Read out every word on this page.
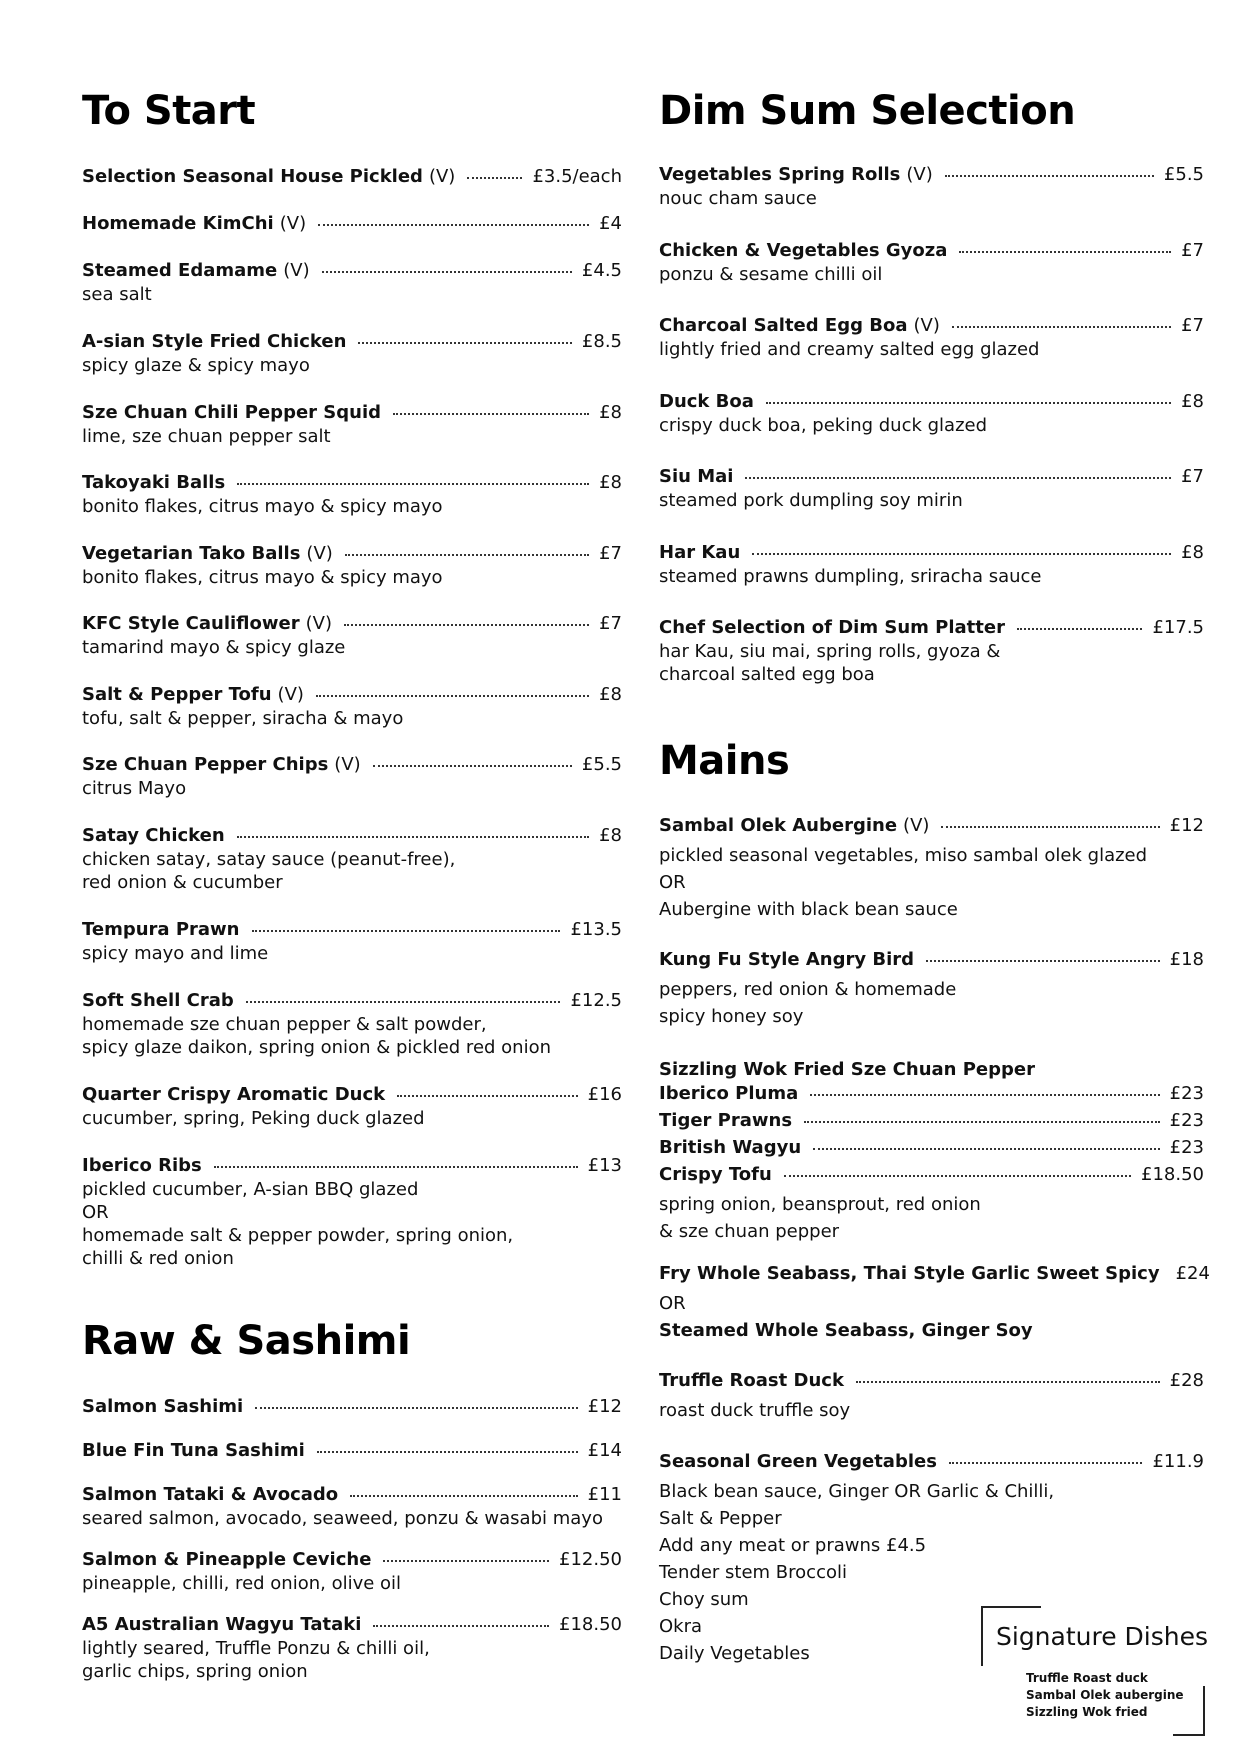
To Start
Selection Seasonal House Pickled (V)	£3.5/each
Homemade KimChi (V)	£4
Steamed Edamame (V)	£4.5
sea salt
A-sian Style Fried Chicken	£8.5
spicy glaze & spicy mayo
Sze Chuan Chili Pepper Squid	£8
lime, sze chuan pepper salt
Takoyaki Balls	£8
bonito flakes, citrus mayo & spicy mayo
Vegetarian Tako Balls (V)	£7
bonito flakes, citrus mayo & spicy mayo
KFC Style Cauliflower (V)	£7
tamarind mayo & spicy glaze
Salt & Pepper Tofu (V)	£8
tofu, salt & pepper, siracha & mayo
Sze Chuan Pepper Chips (V)	£5.5
citrus Mayo
Satay Chicken	£8
chicken satay, satay sauce (peanut-free),
red onion & cucumber
Tempura Prawn	£13.5
spicy mayo and lime
Soft Shell Crab	£12.5
homemade sze chuan pepper & salt powder,
spicy glaze daikon, spring onion & pickled red onion
Quarter Crispy Aromatic Duck	£16
cucumber, spring, Peking duck glazed
Iberico Ribs	£13
pickled cucumber, A-sian BBQ glazed
OR
homemade salt & pepper powder, spring onion,
chilli & red onion
Raw & Sashimi
Salmon Sashimi	£12
Blue Fin Tuna Sashimi	£14
Salmon Tataki & Avocado	£11
seared salmon, avocado, seaweed, ponzu & wasabi mayo
Salmon & Pineapple Ceviche	£12.50
pineapple, chilli, red onion, olive oil
A5 Australian Wagyu Tataki	£18.50
lightly seared, Truffle Ponzu & chilli oil,
garlic chips, spring onion
Dim Sum Selection
Vegetables Spring Rolls (V)	£5.5
nouc cham sauce
Chicken & Vegetables Gyoza	£7
ponzu & sesame chilli oil
Charcoal Salted Egg Boa (V)	£7
lightly fried and creamy salted egg glazed
Duck Boa	£8
crispy duck boa, peking duck glazed
Siu Mai	£7
steamed pork dumpling soy mirin
Har Kau	£8
steamed prawns dumpling, sriracha sauce
Chef Selection of Dim Sum Platter	£17.5
har Kau, siu mai, spring rolls, gyoza &
charcoal salted egg boa
Mains
Sambal Olek Aubergine (V)	£12
pickled seasonal vegetables, miso sambal olek glazed
OR
Aubergine with black bean sauce
Kung Fu Style Angry Bird	£18
peppers, red onion & homemade
spicy honey soy
Sizzling Wok Fried Sze Chuan Pepper
Iberico Pluma	£23
Tiger Prawns	£23
British Wagyu	£23
Crispy Tofu	£18.50
spring onion, beansprout, red onion
& sze chuan pepper
Fry Whole Seabass, Thai Style Garlic Sweet Spicy £24
OR
Steamed Whole Seabass, Ginger Soy
Truffle Roast Duck	£28
roast duck truffle soy
Seasonal Green Vegetables	£11.9
Black bean sauce, Ginger OR Garlic & Chilli,
Salt & Pepper
Add any meat or prawns £4.5
Tender stem Broccoli
Choy sum
Okra
Daily Vegetables
Signature Dishes
Truffle Roast duck
Sambal Olek aubergine
Sizzling Wok fried
